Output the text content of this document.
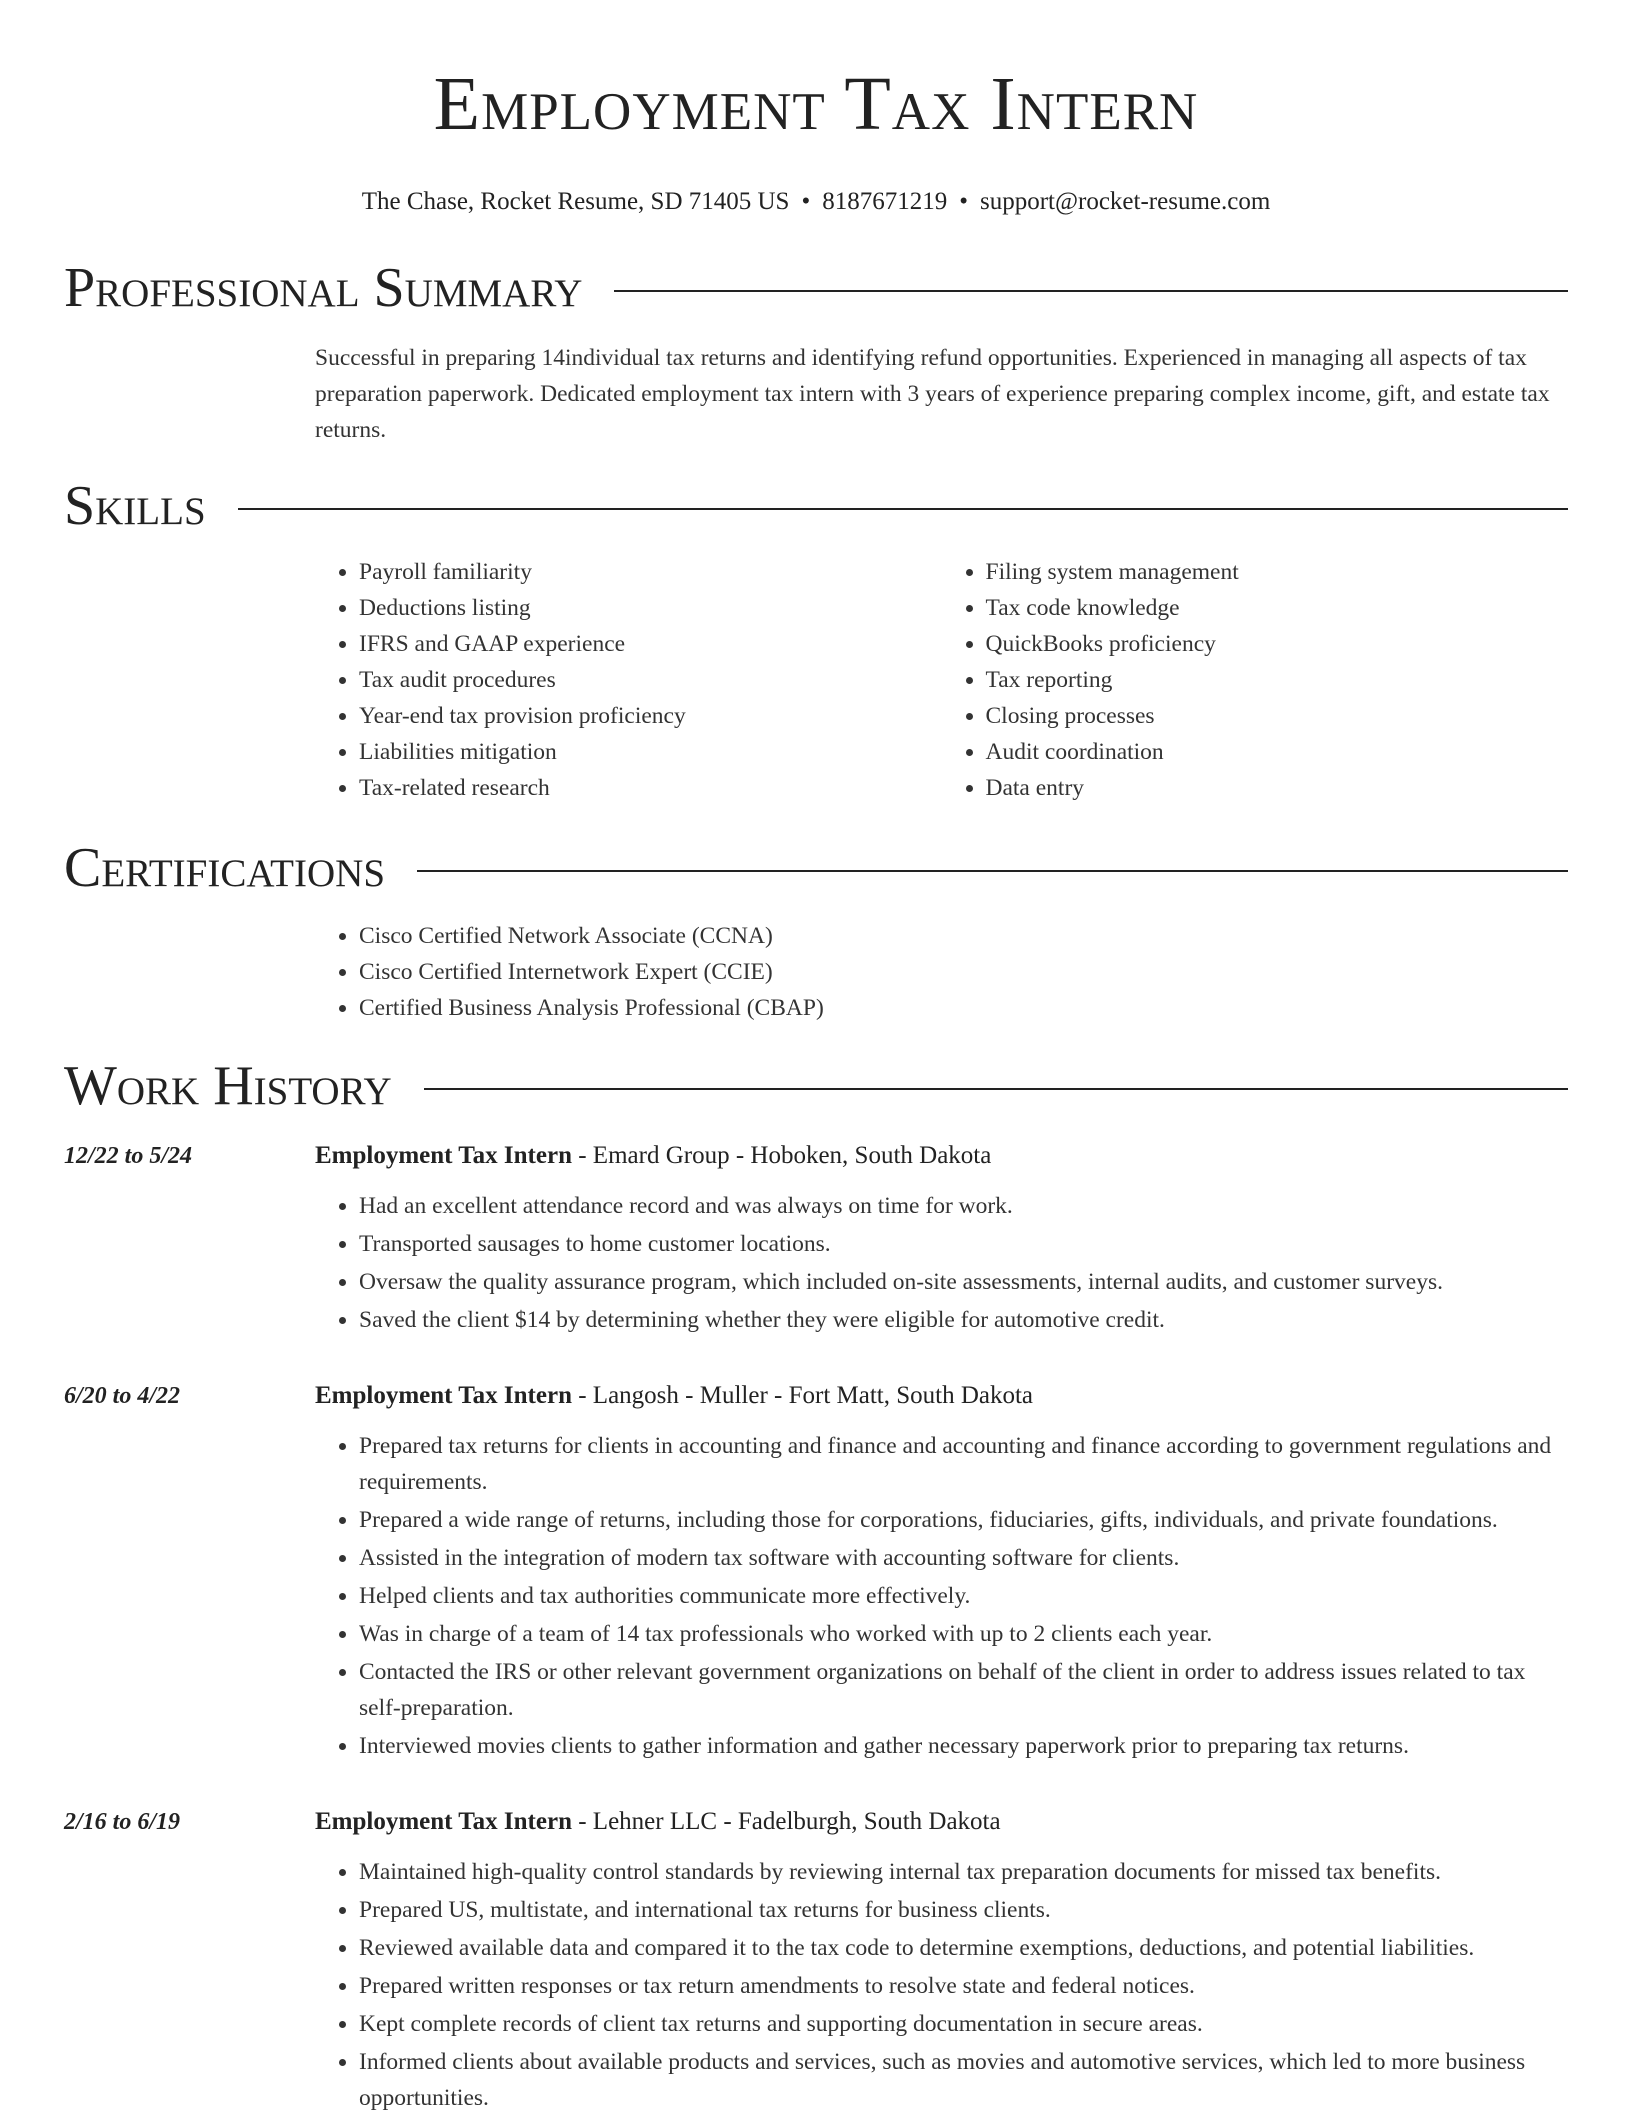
Employment Tax Intern
The Chase, Rocket Resume, SD 71405 US • 8187671219 • support@rocket-resume.com
Professional Summary

Successful in preparing 14individual tax returns and identifying refund opportunities. Experienced in managing all aspects of tax preparation paperwork. Dedicated employment tax intern with 3 years of experience preparing complex income, gift, and estate tax returns.

Skills
• Payroll familiarity
• Deductions listing
• IFRS and GAAP experience
• Tax audit procedures
• Year-end tax provision proficiency
• Liabilities mitigation
• Tax-related research
• Filing system management
• Tax code knowledge
• QuickBooks proficiency
• Tax reporting
• Closing processes
• Audit coordination
• Data entry
Certifications
• Cisco Certified Network Associate (CCNA)
• Cisco Certified Internetwork Expert (CCIE)
• Certified Business Analysis Professional (CBAP)
Work History
12/22 to 5/24	Employment Tax Intern - Emard Group - Hoboken, South Dakota
• Had an excellent attendance record and was always on time for work.
• Transported sausages to home customer locations.
• Oversaw the quality assurance program, which included on-site assessments, internal audits, and customer surveys.
• Saved the client $14 by determining whether they were eligible for automotive credit.
6/20 to 4/22	Employment Tax Intern - Langosh - Muller - Fort Matt, South Dakota
• Prepared tax returns for clients in accounting and finance and accounting and finance according to government regulations and requirements.
• Prepared a wide range of returns, including those for corporations, fiduciaries, gifts, individuals, and private foundations.
• Assisted in the integration of modern tax software with accounting software for clients.
• Helped clients and tax authorities communicate more effectively.
• Was in charge of a team of 14 tax professionals who worked with up to 2 clients each year.
• Contacted the IRS or other relevant government organizations on behalf of the client in order to address issues related to tax self-preparation.
• Interviewed movies clients to gather information and gather necessary paperwork prior to preparing tax returns.
2/16 to 6/19	Employment Tax Intern - Lehner LLC - Fadelburgh, South Dakota
• Maintained high-quality control standards by reviewing internal tax preparation documents for missed tax benefits.
• Prepared US, multistate, and international tax returns for business clients.
• Reviewed available data and compared it to the tax code to determine exemptions, deductions, and potential liabilities.
• Prepared written responses or tax return amendments to resolve state and federal notices.
• Kept complete records of client tax returns and supporting documentation in secure areas.
• Informed clients about available products and services, such as movies and automotive services, which led to more business opportunities.
